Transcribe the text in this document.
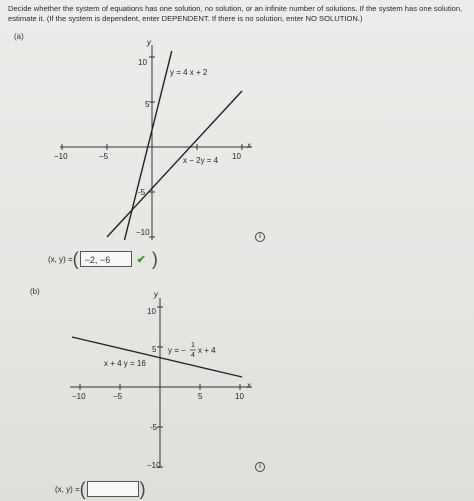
Decide whether the system of equations has one solution, no solution, or an infinite number of solutions. If the system has one solution, estimate it. (If the system is dependent, enter DEPENDENT. If there is no solution, enter NO SOLUTION.)
(a)
x
y
−10	−5	10
10
5
-5
−10
y = 4 x + 2
x − 2y = 4
i
(x, y) = ( −2, −6	✔ )
(b)
x
y
−10	−5	5	10
10
5
-5
−10
y = −
1
4
x + 4
x + 4 y = 16
i
(x, y) = (	)
